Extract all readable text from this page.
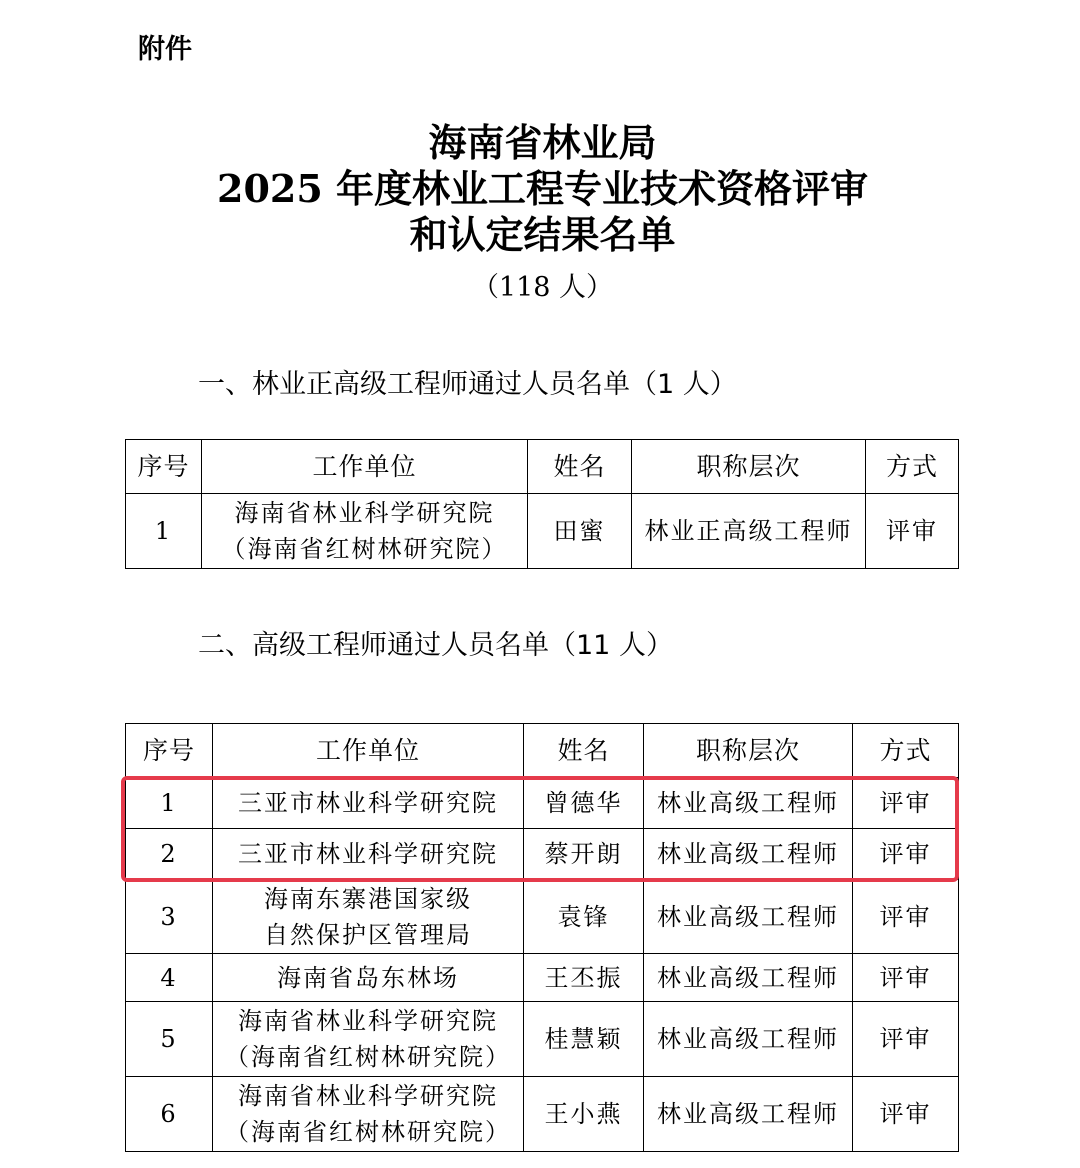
附件
海南省林业局
2025 年度林业工程专业技术资格评审
和认定结果名单
（118 人）
一、林业正高级工程师通过人员名单（1 人）
序号	工作单位	姓名	职称层次	方式
1	海南省林业科学研究院
（海南省红树林研究院）	田蜜	林业正高级工程师	评审
二、高级工程师通过人员名单（11 人）
序号	工作单位	姓名	职称层次	方式
1	三亚市林业科学研究院	曾德华	林业高级工程师	评审
2	三亚市林业科学研究院	蔡开朗	林业高级工程师	评审
3	海南东寨港国家级
自然保护区管理局	袁锋	林业高级工程师	评审
4	海南省岛东林场	王丕振	林业高级工程师	评审
5	海南省林业科学研究院
（海南省红树林研究院）	桂慧颖	林业高级工程师	评审
6	海南省林业科学研究院
（海南省红树林研究院）	王小燕	林业高级工程师	评审
